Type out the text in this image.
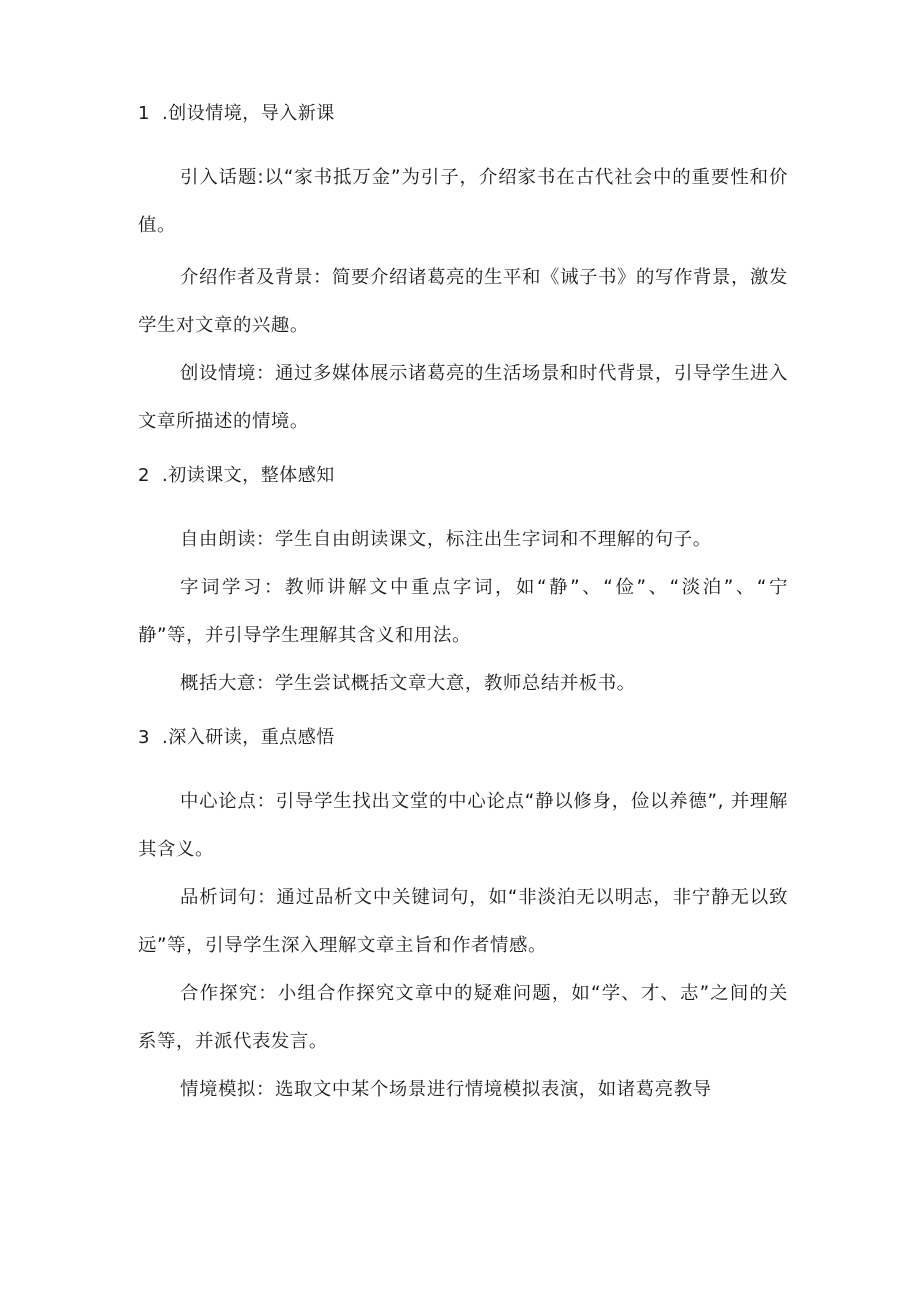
1 .创设情境，导入新课

引入话题:以“家书抵万金”为引子，介绍家书在古代社会中的重要性和价值。

介绍作者及背景：简要介绍诸葛亮的生平和《诫子书》的写作背景，激发学生对文章的兴趣。

创设情境：通过多媒体展示诸葛亮的生活场景和时代背景，引导学生进入文章所描述的情境。

2 .初读课文，整体感知

自由朗读：学生自由朗读课文，标注出生字词和不理解的句子。

字词学习：教师讲解文中重点字词，如“静”、“俭”、“淡泊”、“宁静”等，并引导学生理解其含义和用法。

概括大意：学生尝试概括文章大意，教师总结并板书。

3 .深入研读，重点感悟

中心论点：引导学生找出文堂的中心论点“静以修身，俭以养德”, 并理解其含义。

品析词句：通过品析文中关键词句，如“非淡泊无以明志，非宁静无以致远”等，引导学生深入理解文章主旨和作者情感。

合作探究：小组合作探究文章中的疑难问题，如“学、才、志”之间的关系等，并派代表发言。

情境模拟：选取文中某个场景进行情境模拟表演，如诸葛亮教导
